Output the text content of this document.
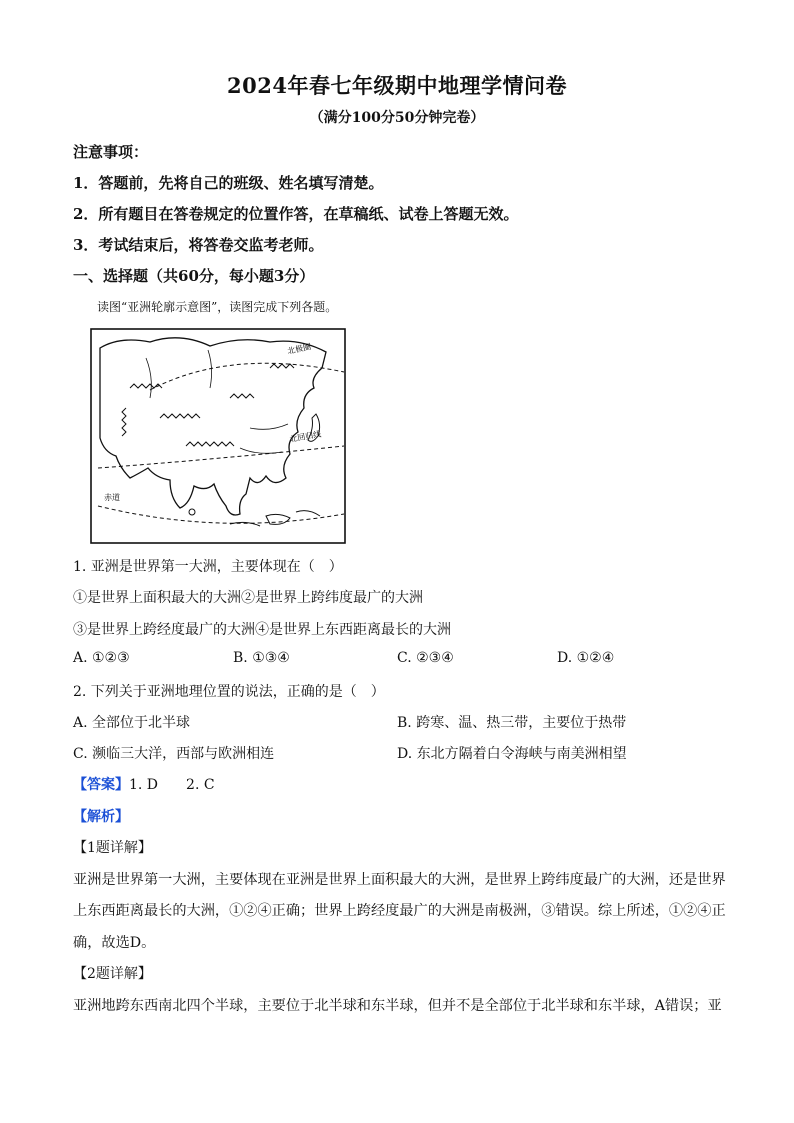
2024年春七年级期中地理学情问卷
（满分100分50分钟完卷）
注意事项：
1．答题前，先将自己的班级、姓名填写清楚。
2．所有题目在答卷规定的位置作答，在草稿纸、试卷上答题无效。
3．考试结束后，将答卷交监考老师。
一、选择题（共60分，每小题3分）
读图“亚洲轮廓示意图”，读图完成下列各题。
北极圈
北回归线
赤道
1. 亚洲是世界第一大洲，主要体现在（　）
①是世界上面积最大的大洲②是世界上跨纬度最广的大洲
③是世界上跨经度最广的大洲④是世界上东西距离最长的大洲
A. ①②③	B. ①③④	C. ②③④	D. ①②④
2. 下列关于亚洲地理位置的说法，正确的是（　）
A. 全部位于北半球	B. 跨寒、温、热三带，主要位于热带
C. 濒临三大洋，西部与欧洲相连	D. 东北方隔着白令海峡与南美洲相望
【答案】1. D　　2. C
【解析】
【1题详解】
亚洲是世界第一大洲，主要体现在亚洲是世界上面积最大的大洲，是世界上跨纬度最广的大洲，还是世界
上东西距离最长的大洲，①②④正确；世界上跨经度最广的大洲是南极洲，③错误。综上所述，①②④正
确，故选D。
【2题详解】
亚洲地跨东西南北四个半球，主要位于北半球和东半球，但并不是全部位于北半球和东半球，A错误；亚
